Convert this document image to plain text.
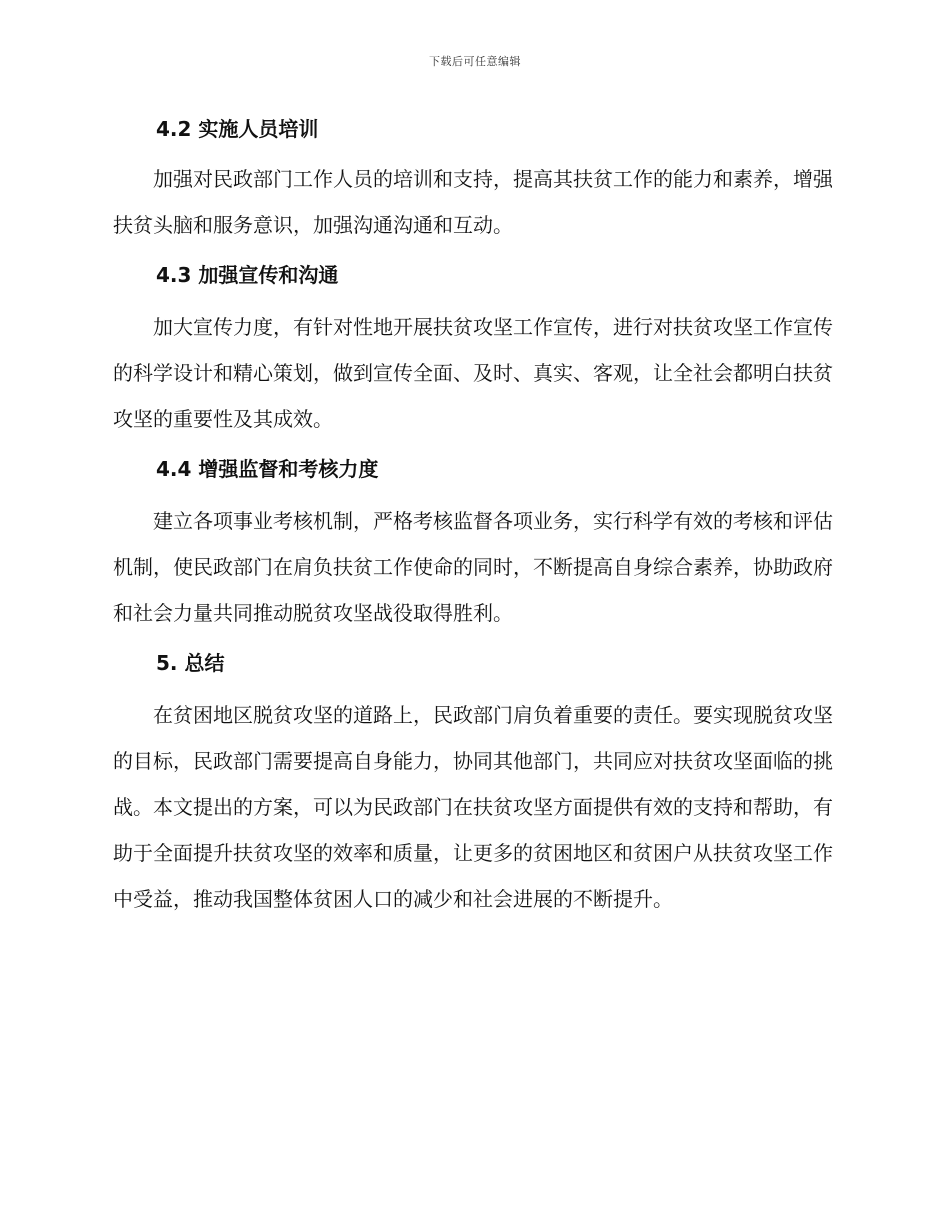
下载后可任意编辑
4.2 实施人员培训

加强对民政部门工作人员的培训和支持，提高其扶贫工作的能力和素养，增强扶贫头脑和服务意识，加强沟通沟通和互动。

4.3 加强宣传和沟通

加大宣传力度，有针对性地开展扶贫攻坚工作宣传，进行对扶贫攻坚工作宣传的科学设计和精心策划，做到宣传全面、及时、真实、客观，让全社会都明白扶贫攻坚的重要性及其成效。

4.4 增强监督和考核力度

建立各项事业考核机制，严格考核监督各项业务，实行科学有效的考核和评估机制，使民政部门在肩负扶贫工作使命的同时，不断提高自身综合素养，协助政府和社会力量共同推动脱贫攻坚战役取得胜利。

5. 总结

在贫困地区脱贫攻坚的道路上，民政部门肩负着重要的责任。要实现脱贫攻坚的目标，民政部门需要提高自身能力，协同其他部门，共同应对扶贫攻坚面临的挑战。本文提出的方案，可以为民政部门在扶贫攻坚方面提供有效的支持和帮助，有助于全面提升扶贫攻坚的效率和质量，让更多的贫困地区和贫困户从扶贫攻坚工作中受益，推动我国整体贫困人口的减少和社会进展的不断提升。
